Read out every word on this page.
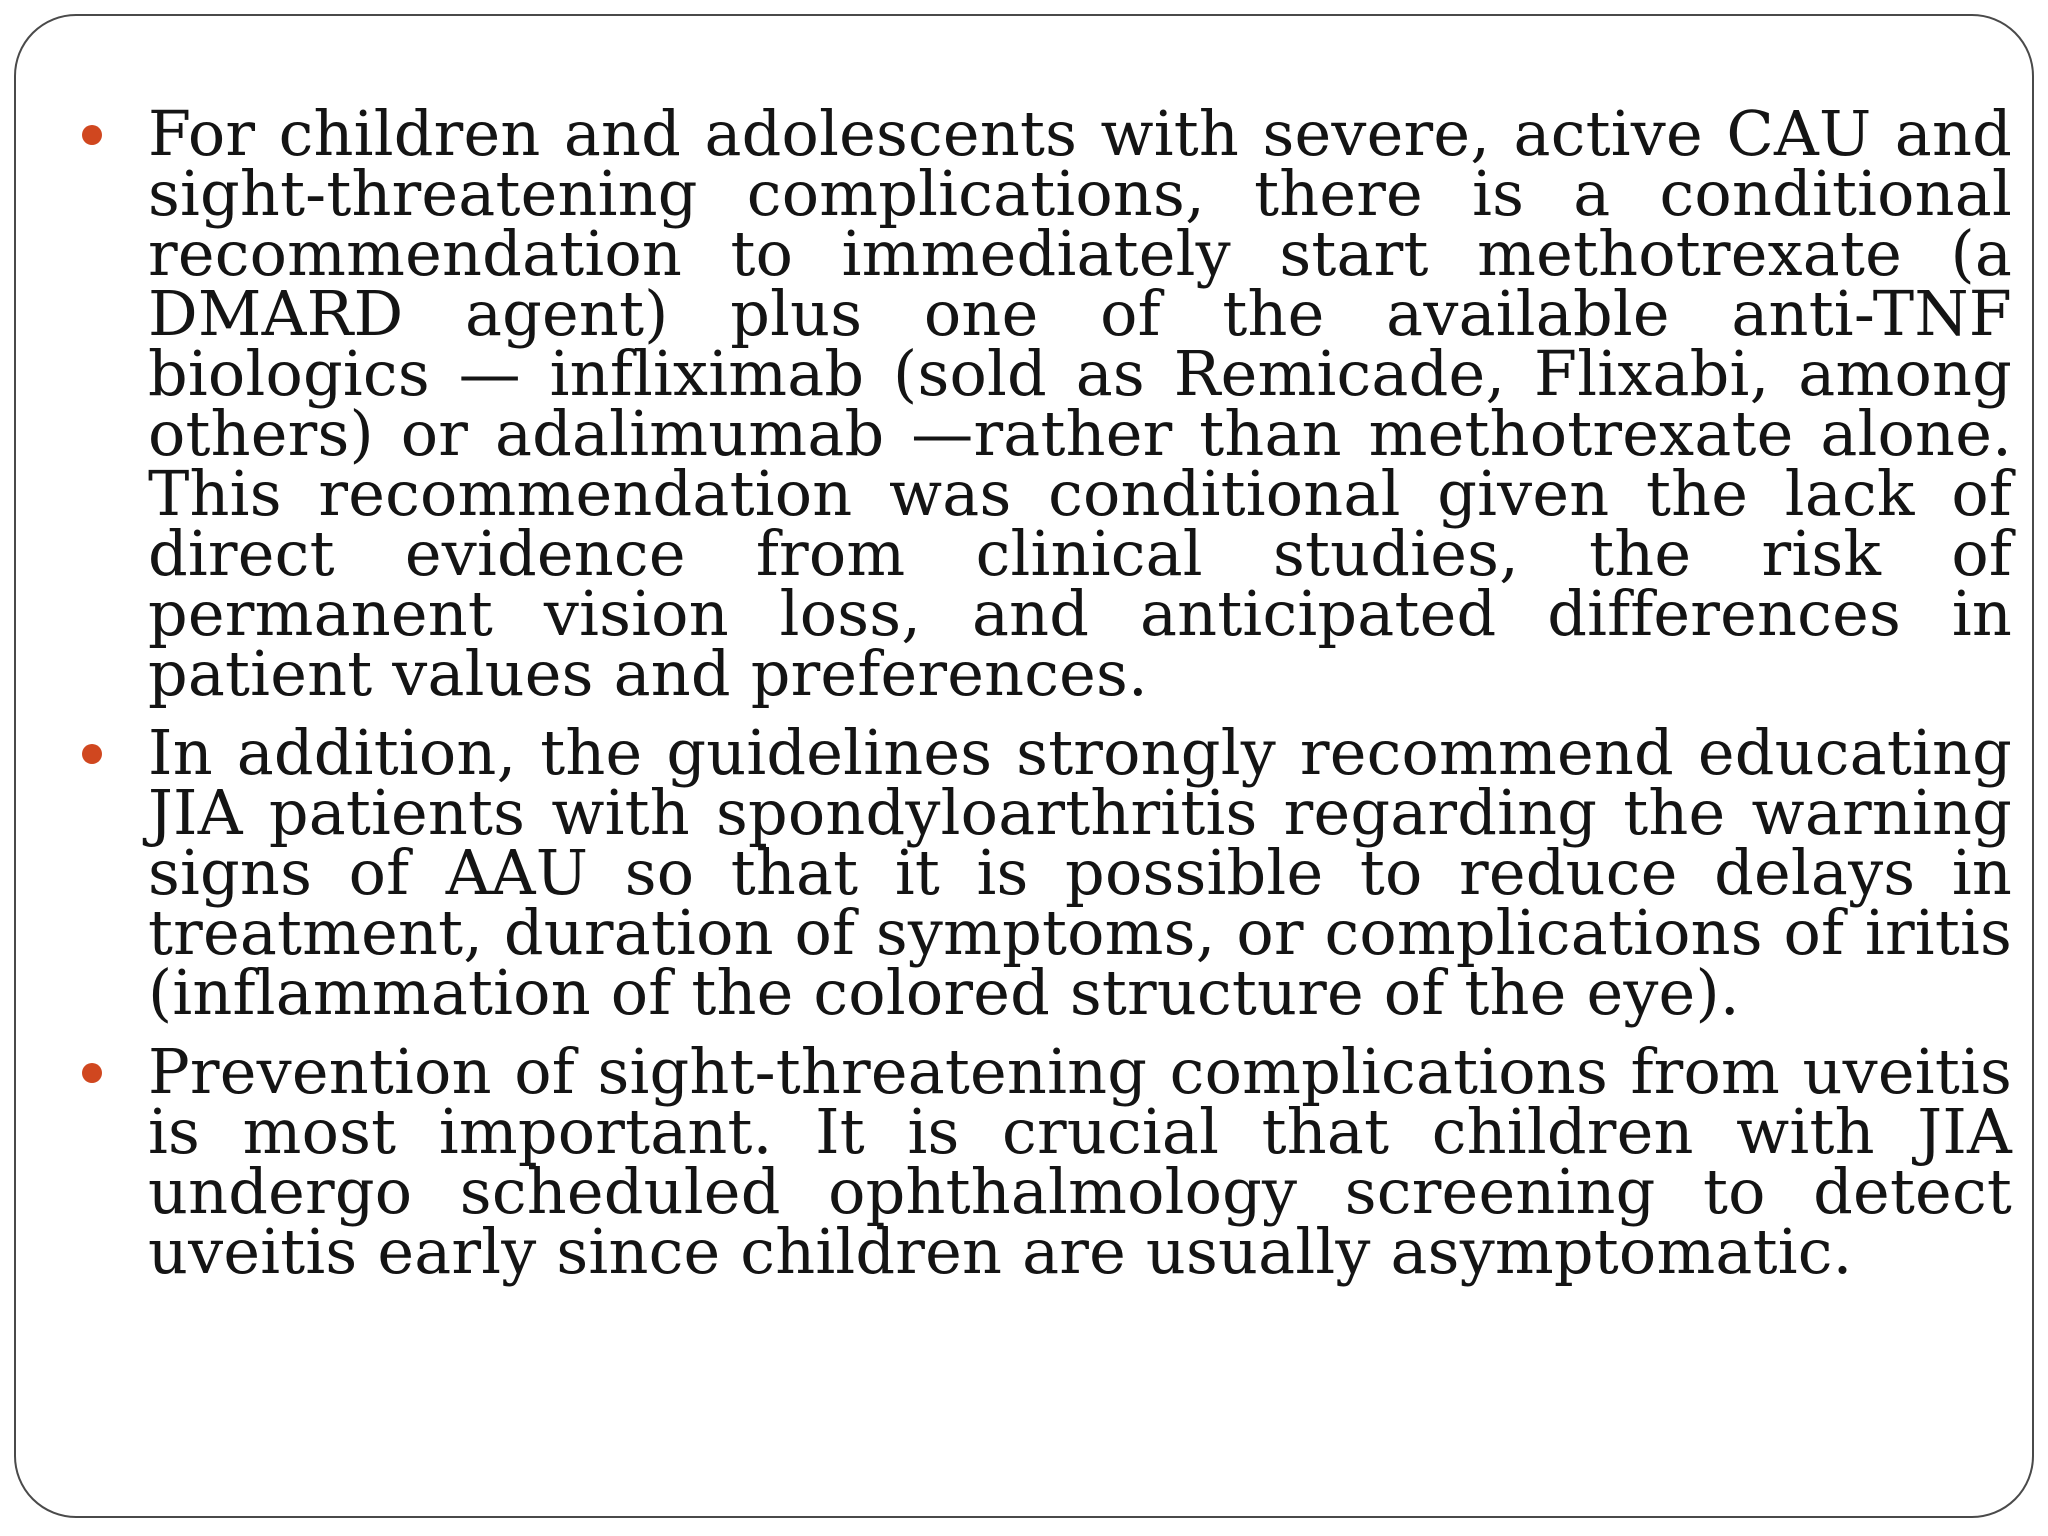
For children and adolescents with severe, active CAU and sight-threatening complications, there is a conditional recommendation to immediately start methotrexate (a DMARD agent) plus one of the available anti-TNF biologics — infliximab (sold as Remicade, Flixabi, among others) or adalimumab —rather than methotrexate alone. This recommendation was conditional given the lack of direct evidence from clinical studies, the risk of permanent vision loss, and anticipated differences in patient values and preferences.
In addition, the guidelines strongly recommend educating JIA patients with spondyloarthritis regarding the warning signs of AAU so that it is possible to reduce delays in treatment, duration of symptoms, or complications of iritis (inflammation of the colored structure of the eye).
Prevention of sight-threatening complications from uveitis is most important. It is crucial that children with JIA undergo scheduled ophthalmology screening to detect uveitis early since children are usually asymptomatic.
